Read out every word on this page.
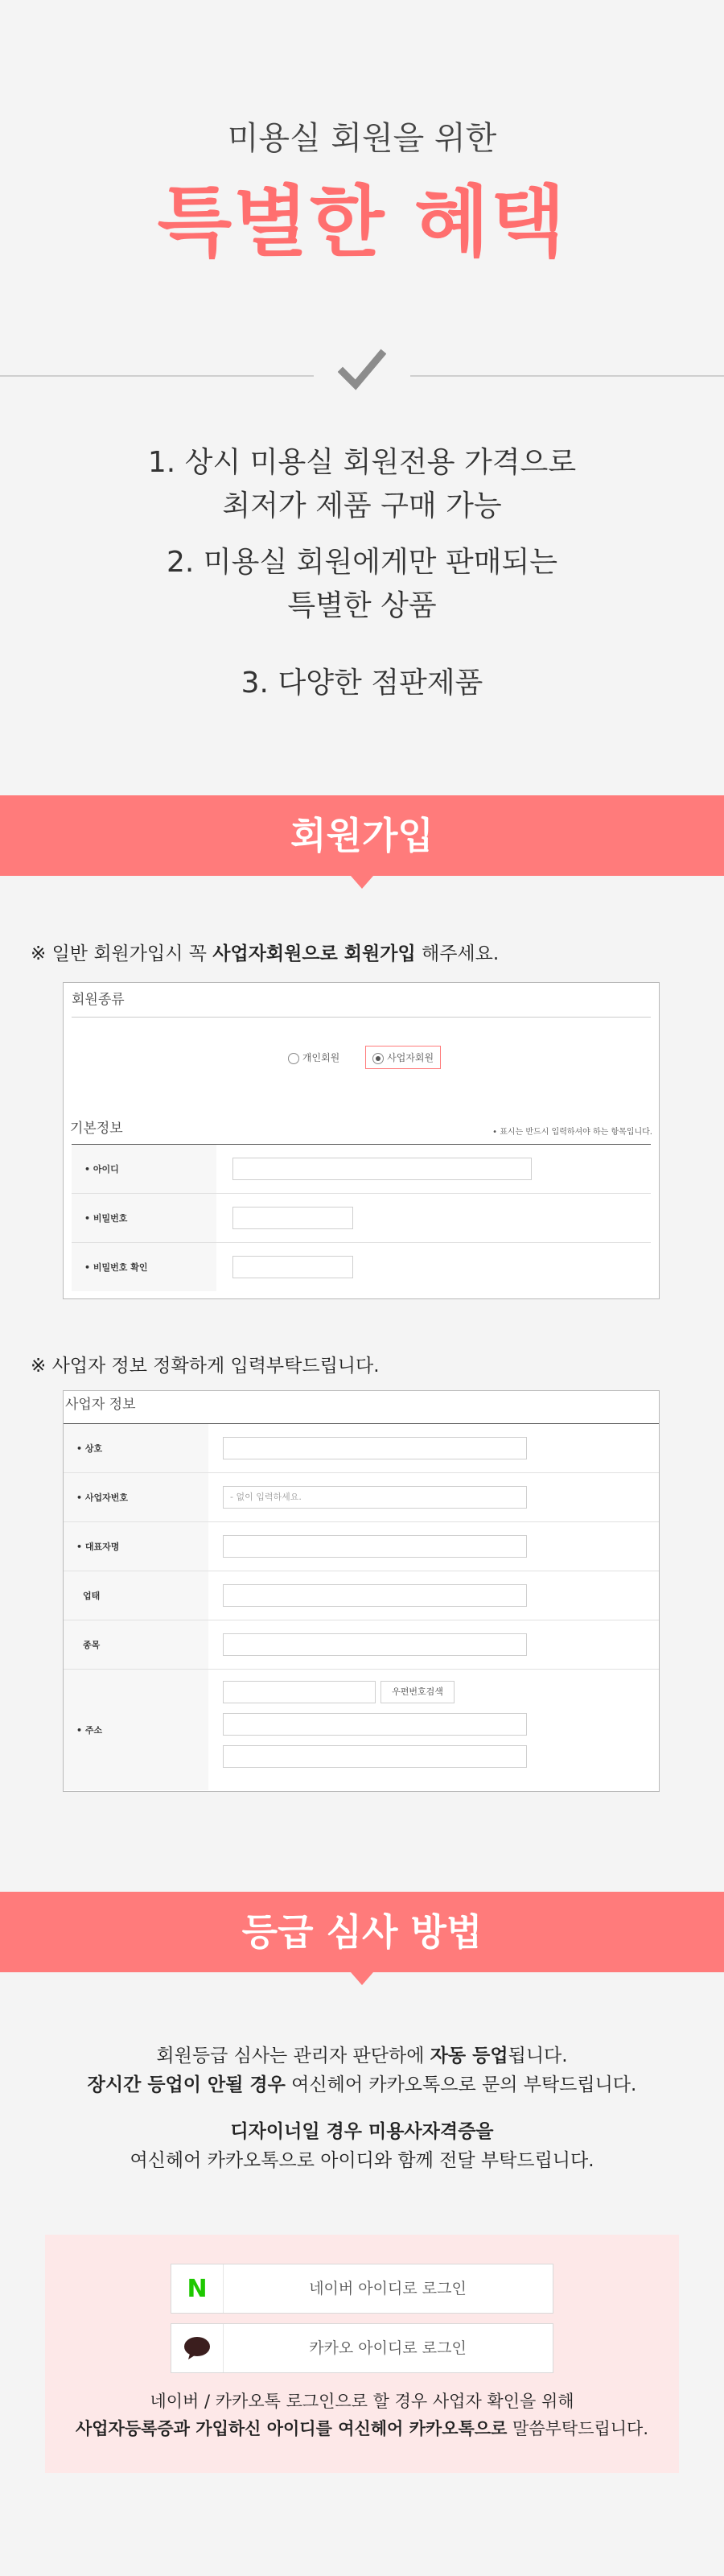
미용실 회원을 위한
특별한 혜택
1. 상시 미용실 회원전용 가격으로
최저가 제품 구매 가능
2. 미용실 회원에게만 판매되는
특별한 상품
3. 다양한 점판제품
회원가입
※ 일반 회원가입시 꼭 사업자회원으로 회원가입 해주세요.
회원종류
개인회원	사업자회원
기본정보	• 표시는 반드시 입력하셔야 하는 항목입니다.
• 아이디
• 비밀번호
• 비밀번호 확인
※ 사업자 정보 정확하게 입력부탁드립니다.
사업자 정보
• 상호
• 사업자번호	- 없이 입력하세요.
• 대표자명
업태
종목
• 주소
우편번호검색
등급 심사 방법
회원등급 심사는 관리자 판단하에 자동 등업됩니다.
장시간 등업이 안될 경우 여신헤어 카카오톡으로 문의 부탁드립니다.
디자이너일 경우 미용사자격증을
여신헤어 카카오톡으로 아이디와 함께 전달 부탁드립니다.
N	네이버 아이디로 로그인
카카오 아이디로 로그인
네이버 / 카카오톡 로그인으로 할 경우 사업자 확인을 위해
사업자등록증과 가입하신 아이디를 여신헤어 카카오톡으로 말씀부탁드립니다.
